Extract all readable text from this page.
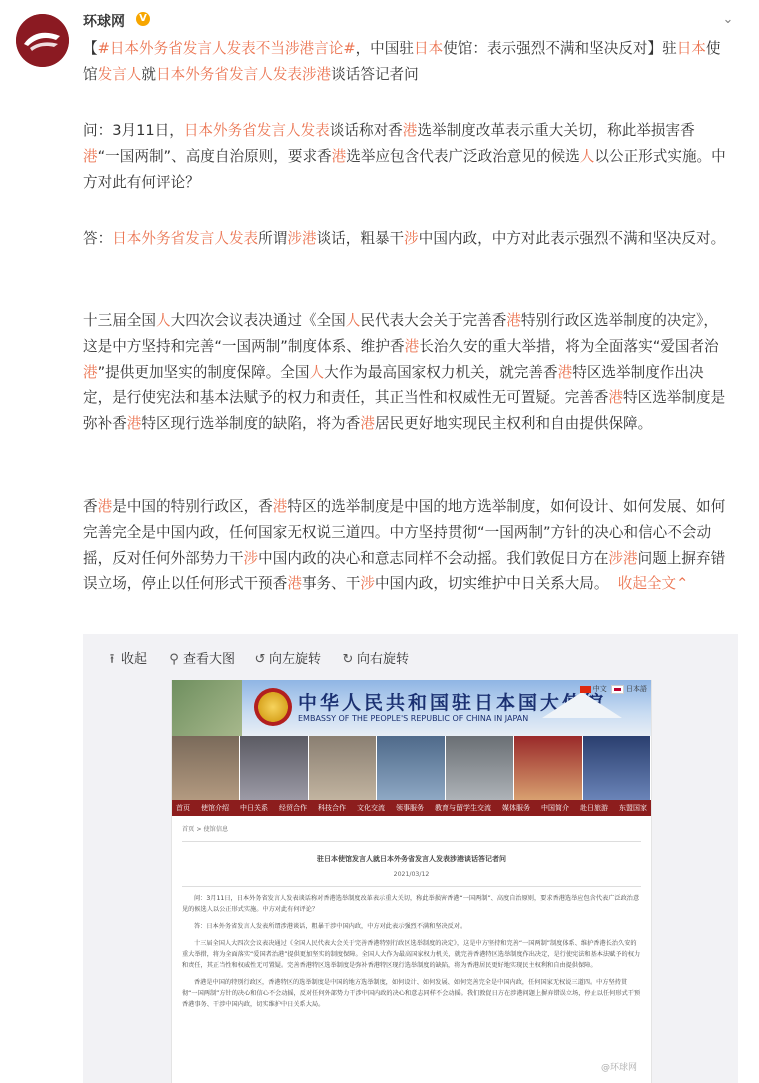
环球网	V	⌄

【#日本外务省发言人发表不当涉港言论#，中国驻日本使馆：表示强烈不满和坚决反对】驻日本使馆发言人就日本外务省发言人发表涉港谈话答记者问

问：3月11日，日本外务省发言人发表谈话称对香港选举制度改革表示重大关切，称此举损害香港“一国两制”、高度自治原则，要求香港选举应包含代表广泛政治意见的候选人以公正形式实施。中方对此有何评论？

答：日本外务省发言人发表所谓涉港谈话，粗暴干涉中国内政，中方对此表示强烈不满和坚决反对。

十三届全国人大四次会议表决通过《全国人民代表大会关于完善香港特别行政区选举制度的决定》，这是中方坚持和完善“一国两制”制度体系、维护香港长治久安的重大举措，将为全面落实“爱国者治港”提供更加坚实的制度保障。全国人大作为最高国家权力机关，就完善香港特区选举制度作出决定，是行使宪法和基本法赋予的权力和责任，其正当性和权威性无可置疑。完善香港特区选举制度是弥补香港特区现行选举制度的缺陷，将为香港居民更好地实现民主权利和自由提供保障。

香港是中国的特别行政区，香港特区的选举制度是中国的地方选举制度，如何设计、如何发展、如何完善完全是中国内政，任何国家无权说三道四。中方坚持贯彻“一国两制”方针的决心和信心不会动摇，反对任何外部势力干涉中国内政的决心和意志同样不会动摇。我们敦促日方在涉港问题上摒弃错误立场，停止以任何形式干预香港事务、干涉中国内政，切实维护中日关系大局。  收起全文⌃

⭱ 收起 ⚲ 查看大图 ↺ 向左旋转 ↻ 向右旋转
中华人民共和国驻日本国大使馆
EMBASSY OF THE PEOPLE'S REPUBLIC OF CHINA IN JAPAN
中文	日本語
首页 使馆介绍 中日关系 经贸合作 科技合作 文化交流 领事服务 教育与留学生交流 媒体服务 中国简介 赴日旅游 东盟国家
首页 > 使馆信息
驻日本使馆发言人就日本外务省发言人发表涉港谈话答记者问
2021/03/12

问：3月11日，日本外务省发言人发表谈话称对香港选举制度改革表示重大关切，称此举损害香港“一国两制”、高度自治原则，要求香港选举应包含代表广泛政治意见的候选人以公正形式实施。中方对此有何评论？

答：日本外务省发言人发表所谓涉港谈话，粗暴干涉中国内政，中方对此表示强烈不满和坚决反对。

十三届全国人大四次会议表决通过《全国人民代表大会关于完善香港特别行政区选举制度的决定》，这是中方坚持和完善“一国两制”制度体系、维护香港长治久安的重大举措，将为全面落实“爱国者治港”提供更加坚实的制度保障。全国人大作为最高国家权力机关，就完善香港特区选举制度作出决定，是行使宪法和基本法赋予的权力和责任，其正当性和权威性无可置疑。完善香港特区选举制度是弥补香港特区现行选举制度的缺陷，将为香港居民更好地实现民主权利和自由提供保障。

香港是中国的特别行政区，香港特区的选举制度是中国的地方选举制度，如何设计、如何发展、如何完善完全是中国内政，任何国家无权说三道四。中方坚持贯彻“一国两制”方针的决心和信心不会动摇，反对任何外部势力干涉中国内政的决心和意志同样不会动摇。我们敦促日方在涉港问题上摒弃错误立场，停止以任何形式干预香港事务、干涉中国内政，切实维护中日关系大局。

@环球网
